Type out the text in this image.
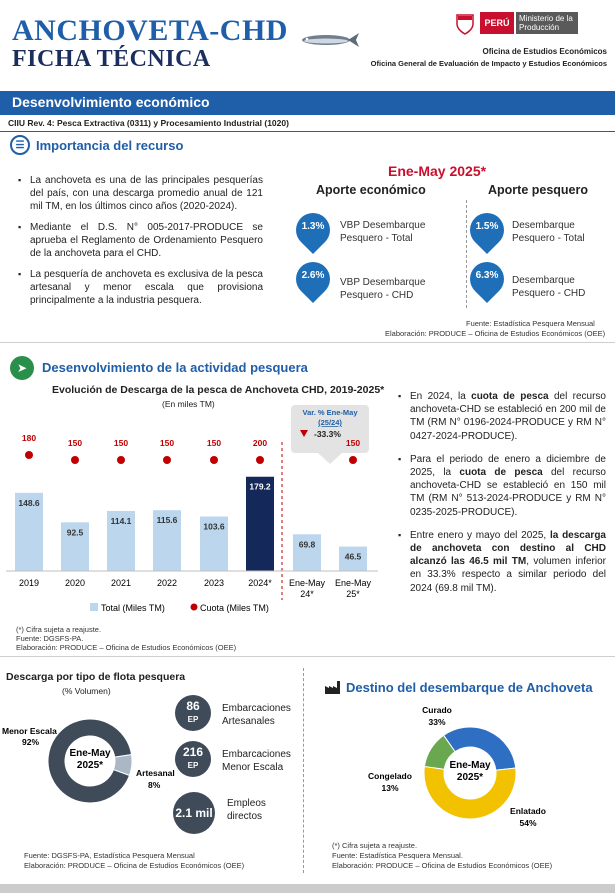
ANCHOVETA-CHD
FICHA TÉCNICA
PERÚ	Ministerio de la Producción
Oficina de Estudios Económicos
Oficina General de Evaluación de Impacto y Estudios Económicos
Desenvolvimiento económico
CIIU Rev. 4: Pesca Extractiva (0311) y Procesamiento Industrial (1020)
☰ Importancia del recurso
▪ La anchoveta es una de las principales pesquerías del país, con una descarga promedio anual de 121 mil TM, en los últimos cinco años (2020-2024).
▪ Mediante el D.S. N° 005-2017-PRODUCE se aprueba el Reglamento de Ordenamiento Pesquero de la anchoveta para el CHD.
▪ La pesquería de anchoveta es exclusiva de la pesca artesanal y menor escala que provisiona principalmente a la industria pesquera.
Ene-May 2025*
Aporte económico	Aporte pesquero
1.3%	VBP Desembarque
Pesquero - Total
2.6%
VBP Desembarque
Pesquero - CHD
1.5%	Desembarque
Pesquero - Total
6.3%	Desembarque
Pesquero - CHD
Fuente: Estadística Pesquera Mensual
Elaboración: PRODUCE – Oficina de Estudios Económicos (OEE)
➤	Desenvolvimiento de la actividad pesquera
Evolución de Descarga de la pesca de Anchoveta CHD, 2019-2025*
(En miles TM)
Var. % Ene-May
(25/24)
-33.3%
148.6
92.5
114.1	115.6
103.6
179.2
69.8
46.5
180	150	150	150	150	200	150
2019	2020	2021	2022	2023	2024* Ene-May
24*
Ene-May
25*
Total (Miles TM)	Cuota (Miles TM)
(*) Cifra sujeta a reajuste.
Fuente: DGSFS-PA.
Elaboración: PRODUCE – Oficina de Estudios Económicos (OEE)
▪ En 2024, la cuota de pesca del recurso anchoveta-CHD se estableció en 200 mil de TM (RM N° 0196-2024-PRODUCE y RM N° 0427-2024-PRODUCE).
▪ Para el periodo de enero a diciembre de 2025, la cuota de pesca del recurso anchoveta-CHD se estableció en 150 mil TM (RM N° 513-2024-PRODUCE y RM N° 0235-2025-PRODUCE).
▪ Entre enero y mayo del 2025, la descarga de anchoveta con destino al CHD alcanzó las 46.5 mil TM, volumen inferior en 33.3% respecto a similar periodo del 2024 (69.8 mil TM).
Descarga por tipo de flota pesquera
(% Volumen)
Ene-May
2025*
Menor Escala
92%
Artesanal
8%
86
EP
Embarcaciones
Artesanales
216
EP
Embarcaciones
Menor Escala
2.1 mil
Empleos
directos
Fuente: DGSFS-PA, Estadística Pesquera Mensual
Elaboración: PRODUCE – Oficina de Estudios Económicos (OEE)
Destino del desembarque de Anchoveta
Ene-May
2025*
Curado
33%
Congelado
13%
Enlatado
54%
(*) Cifra sujeta a reajuste.
Fuente: Estadística Pesquera Mensual.
Elaboración: PRODUCE – Oficina de Estudios Económicos (OEE)
